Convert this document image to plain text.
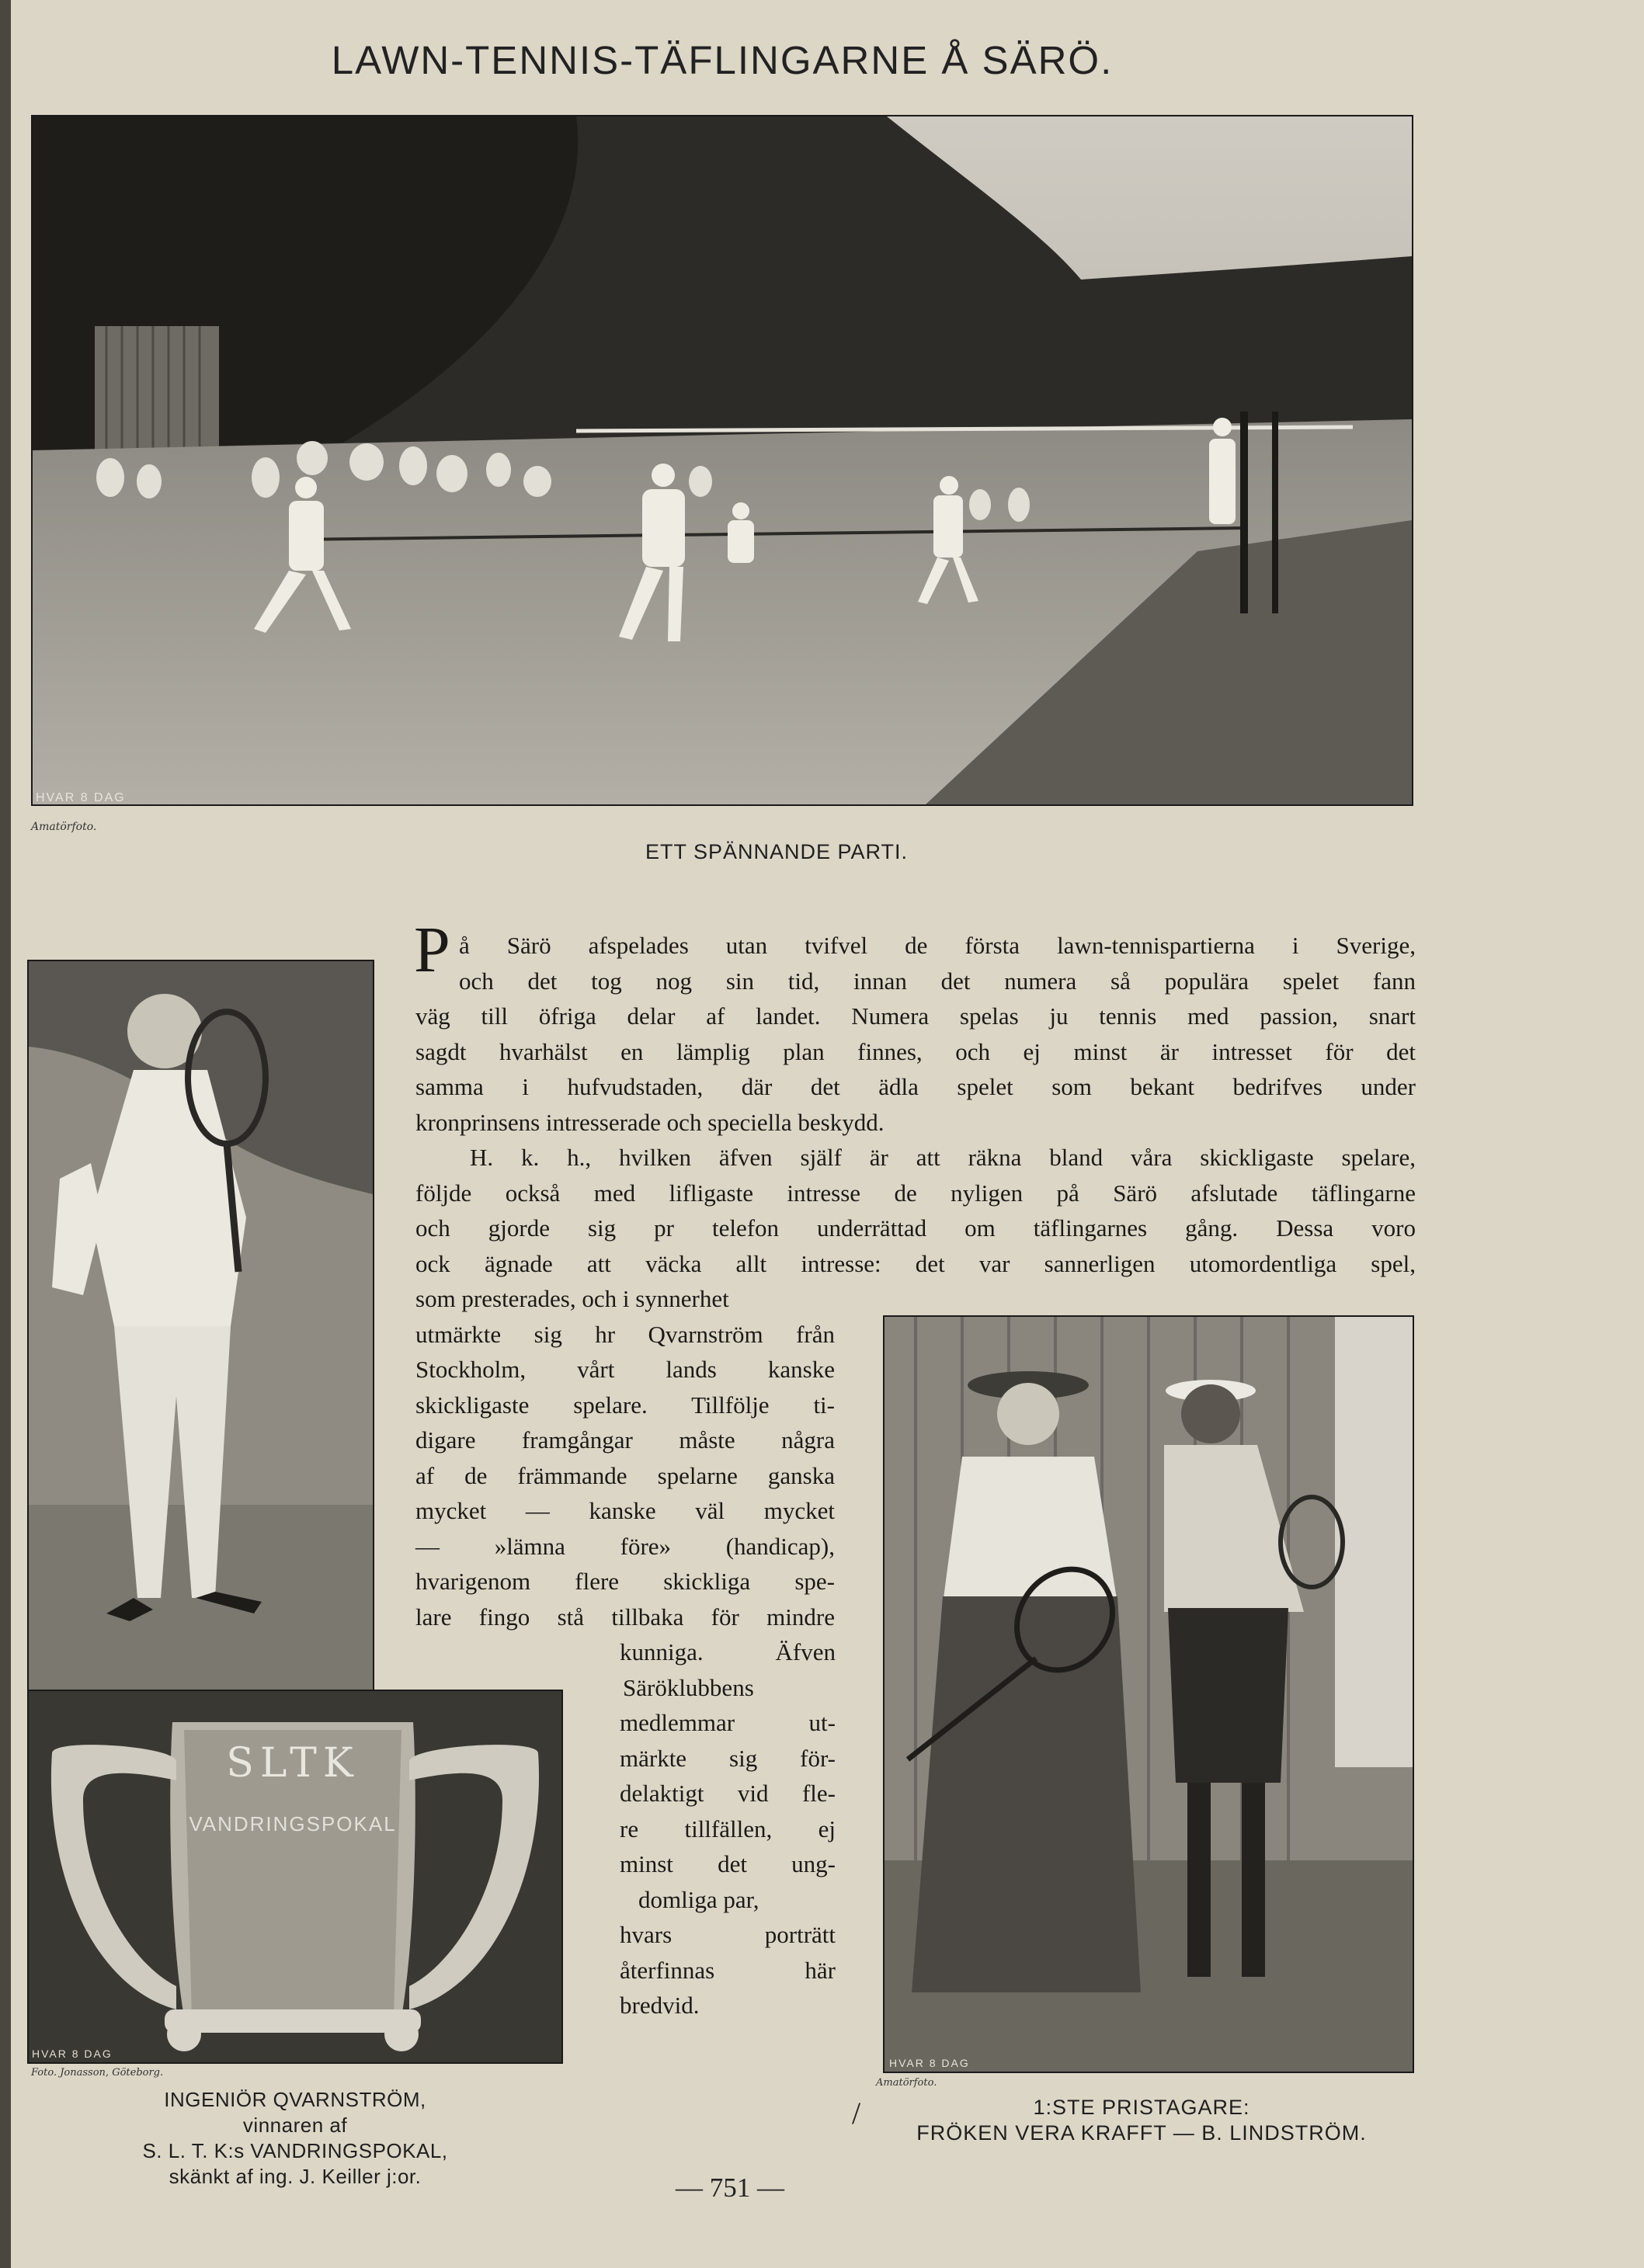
LAWN-TENNIS-TÄFLINGARNE Å SÄRÖ.
HVAR 8 DAG
Amatörfoto.
ETT SPÄNNANDE PARTI.
SLTK
VANDRINGSPOKAL
HVAR 8 DAG
Foto. Jonasson, Göteborg.
INGENIÖR QVARNSTRÖM,
vinnaren af
S. L. T. K:s VANDRINGSPOKAL,
skänkt af ing. J. Keiller j:or.
HVAR 8 DAG
Amatörfoto.
1:STE PRISTAGARE:
FRÖKEN VERA KRAFFT — B. LINDSTRÖM.
P å Särö afspelades utan tvifvel de första lawn-tennispartierna i Sverige,
och det tog nog sin tid, innan det numera så populära spelet fann
väg till öfriga delar af landet. Numera spelas ju tennis med passion, snart
sagdt hvarhälst en lämplig plan finnes, och ej minst är intresset för det
samma i hufvudstaden, där det ädla spelet som bekant bedrifves under
kronprinsens intresserade och speciella beskydd.
H. k. h., hvilken äfven själf är att räkna bland våra skickligaste spelare,
följde också med lifligaste intresse de nyligen på Särö afslutade täflingarne
och gjorde sig pr telefon underrättad om täflingarnes gång. Dessa voro
ock ägnade att väcka allt intresse: det var sannerligen utomordentliga spel,
som presterades, och i synnerhet
utmärkte sig hr Qvarnström från
Stockholm, vårt lands kanske
skickligaste spelare. Tillfölje ti-
digare framgångar måste några
af de främmande spelarne ganska
mycket — kanske väl mycket
— »lämna före» (handicap),
hvarigenom flere skickliga spe-
lare fingo stå tillbaka för mindre
kunniga. Äfven
Säröklubbens
medlemmar ut-
märkte sig för-
delaktigt vid fle-
re tillfällen, ej
minst det ung-
domliga par,
hvars porträtt
återfinnas här
bredvid.
/
— 751 —
